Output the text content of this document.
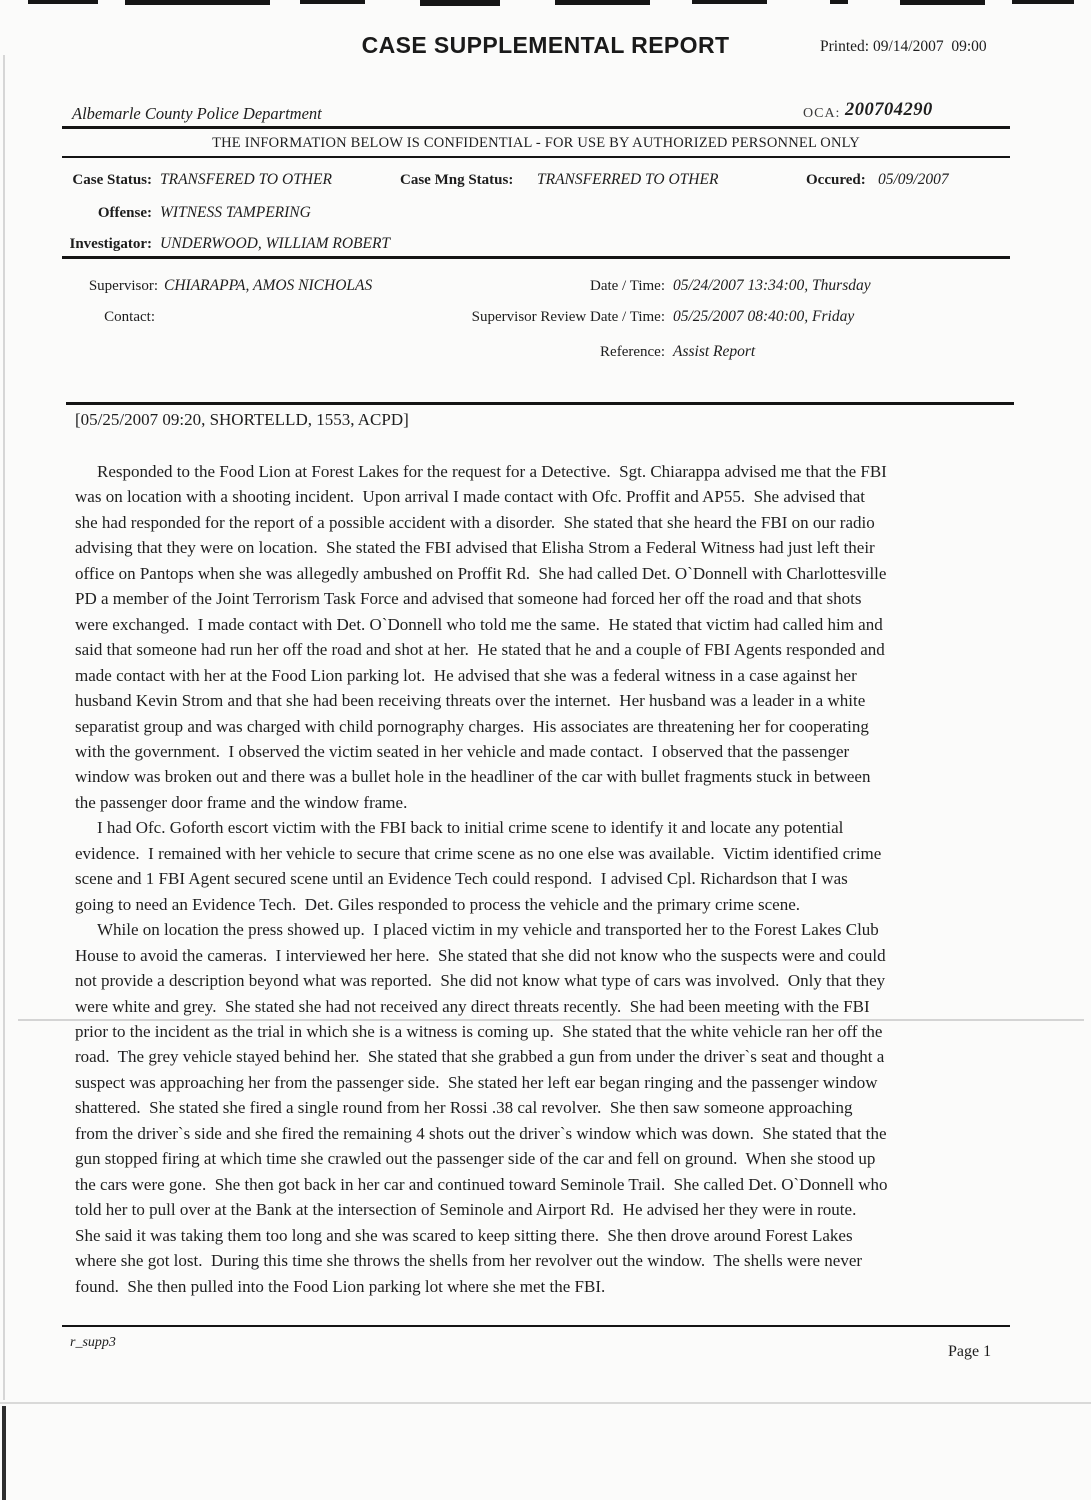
CASE SUPPLEMENTAL REPORT	Printed: 09/14/2007  09:00
Albemarle County Police Department	OCA: 200704290
THE INFORMATION BELOW IS CONFIDENTIAL - FOR USE BY AUTHORIZED PERSONNEL ONLY
Case Status: TRANSFERED TO OTHER	Case Mng Status: TRANSFERRED TO OTHER	Occured: 05/09/2007
Offense: WITNESS TAMPERING
Investigator: UNDERWOOD, WILLIAM ROBERT
Supervisor: CHIARAPPA, AMOS NICHOLAS	Date / Time: 05/24/2007 13:34:00, Thursday
Contact:	Supervisor Review Date / Time: 05/25/2007 08:40:00, Friday
Reference: Assist Report
[05/25/2007 09:20, SHORTELLD, 1553, ACPD]
Responded to the Food Lion at Forest Lakes for the request for a Detective.  Sgt. Chiarappa advised me that the FBI
was on location with a shooting incident.  Upon arrival I made contact with Ofc. Proffit and AP55.  She advised that
she had responded for the report of a possible accident with a disorder.  She stated that she heard the FBI on our radio
advising that they were on location.  She stated the FBI advised that Elisha Strom a Federal Witness had just left their
office on Pantops when she was allegedly ambushed on Proffit Rd.  She had called Det. O`Donnell with Charlottesville
PD a member of the Joint Terrorism Task Force and advised that someone had forced her off the road and that shots
were exchanged.  I made contact with Det. O`Donnell who told me the same.  He stated that victim had called him and
said that someone had run her off the road and shot at her.  He stated that he and a couple of FBI Agents responded and
made contact with her at the Food Lion parking lot.  He advised that she was a federal witness in a case against her
husband Kevin Strom and that she had been receiving threats over the internet.  Her husband was a leader in a white
separatist group and was charged with child pornography charges.  His associates are threatening her for cooperating
with the government.  I observed the victim seated in her vehicle and made contact.  I observed that the passenger
window was broken out and there was a bullet hole in the headliner of the car with bullet fragments stuck in between
the passenger door frame and the window frame.
I had Ofc. Goforth escort victim with the FBI back to initial crime scene to identify it and locate any potential
evidence.  I remained with her vehicle to secure that crime scene as no one else was available.  Victim identified crime
scene and 1 FBI Agent secured scene until an Evidence Tech could respond.  I advised Cpl. Richardson that I was
going to need an Evidence Tech.  Det. Giles responded to process the vehicle and the primary crime scene.
While on location the press showed up.  I placed victim in my vehicle and transported her to the Forest Lakes Club
House to avoid the cameras.  I interviewed her here.  She stated that she did not know who the suspects were and could
not provide a description beyond what was reported.  She did not know what type of cars was involved.  Only that they
were white and grey.  She stated she had not received any direct threats recently.  She had been meeting with the FBI
prior to the incident as the trial in which she is a witness is coming up.  She stated that the white vehicle ran her off the
road.  The grey vehicle stayed behind her.  She stated that she grabbed a gun from under the driver`s seat and thought a
suspect was approaching her from the passenger side.  She stated her left ear began ringing and the passenger window
shattered.  She stated she fired a single round from her Rossi .38 cal revolver.  She then saw someone approaching
from the driver`s side and she fired the remaining 4 shots out the driver`s window which was down.  She stated that the
gun stopped firing at which time she crawled out the passenger side of the car and fell on ground.  When she stood up
the cars were gone.  She then got back in her car and continued toward Seminole Trail.  She called Det. O`Donnell who
told her to pull over at the Bank at the intersection of Seminole and Airport Rd.  He advised her they were in route.
She said it was taking them too long and she was scared to keep sitting there.  She then drove around Forest Lakes
where she got lost.  During this time she throws the shells from her revolver out the window.  The shells were never
found.  She then pulled into the Food Lion parking lot where she met the FBI.
r_supp3
Page 1
